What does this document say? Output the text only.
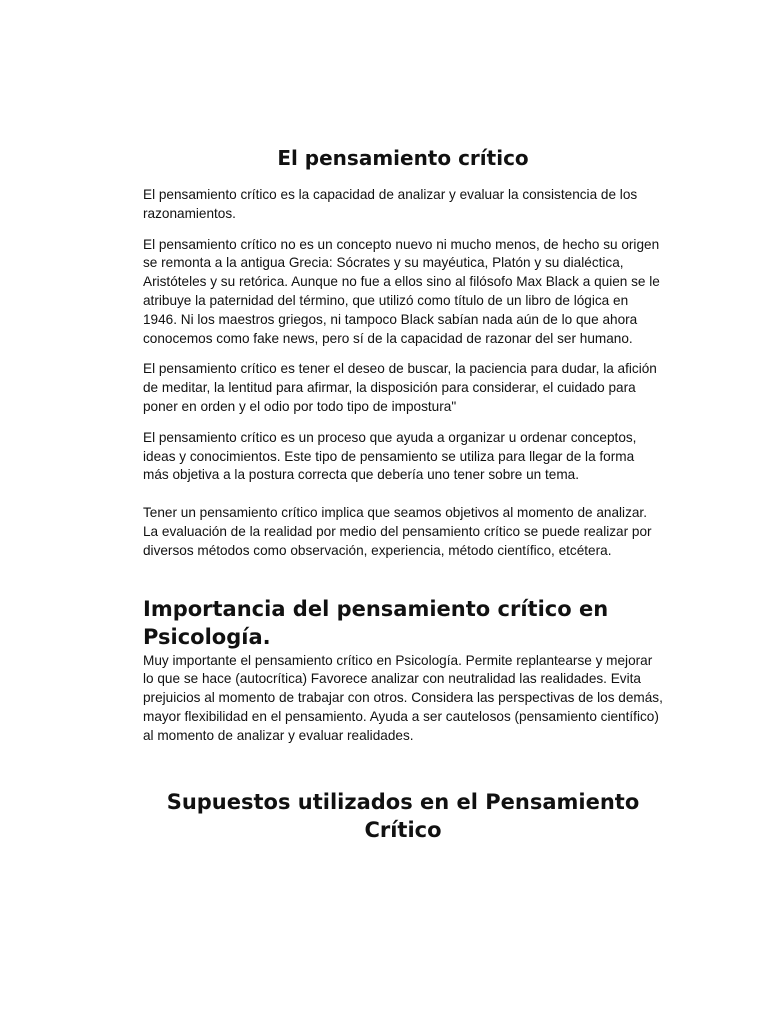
El pensamiento crítico

El pensamiento crítico es la capacidad de analizar y evaluar la consistencia de los razonamientos.

El pensamiento crítico no es un concepto nuevo ni mucho menos, de hecho su origen se remonta a la antigua Grecia: Sócrates y su mayéutica, Platón y su dialéctica, Aristóteles y su retórica. Aunque no fue a ellos sino al filósofo Max Black a quien se le atribuye la paternidad del término, que utilizó como título de un libro de lógica en 1946. Ni los maestros griegos, ni tampoco Black sabían nada aún de lo que ahora conocemos como fake news, pero sí de la capacidad de razonar del ser humano.

El pensamiento crítico es tener el deseo de buscar, la paciencia para dudar, la afición de meditar, la lentitud para afirmar, la disposición para considerar, el cuidado para poner en orden y el odio por todo tipo de impostura"

El pensamiento crítico es un proceso que ayuda a organizar u ordenar conceptos, ideas y conocimientos. Este tipo de pensamiento se utiliza para llegar de la forma más objetiva a la postura correcta que debería uno tener sobre un tema.

Tener un pensamiento crítico implica que seamos objetivos al momento de analizar. La evaluación de la realidad por medio del pensamiento crítico se puede realizar por diversos métodos como observación, experiencia, método científico, etcétera.

Importancia del pensamiento crítico en Psicología.

Muy importante el pensamiento crítico en Psicología. Permite replantearse y mejorar lo que se hace (autocrítica) Favorece analizar con neutralidad las realidades. Evita prejuicios al momento de trabajar con otros. Considera las perspectivas de los demás, mayor flexibilidad en el pensamiento. Ayuda a ser cautelosos (pensamiento científico) al momento de analizar y evaluar realidades.

Supuestos utilizados en el Pensamiento Crítico
